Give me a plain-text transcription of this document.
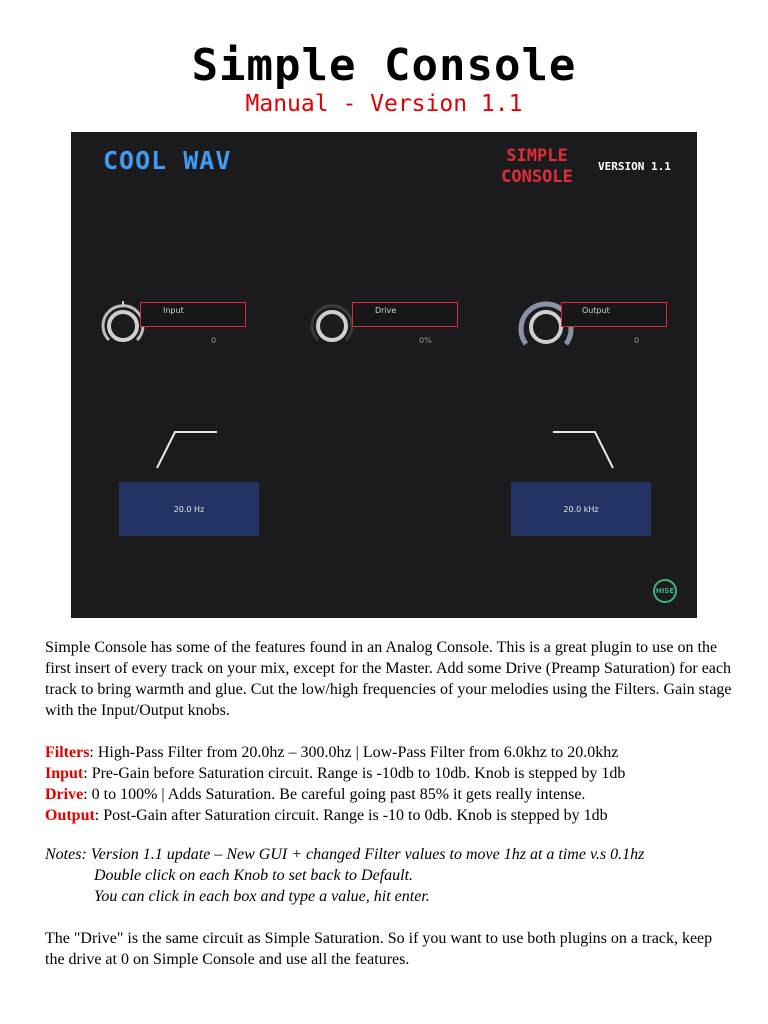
Simple Console
Manual - Version 1.1
COOL WAV	SIMPLE
CONSOLE
VERSION 1.1
Input
0
Drive
0%
Output
0
20.0 Hz	20.0 kHz
HISE

Simple Console has some of the features found in an Analog Console. This is a great plugin to use on the first insert of every track on your mix, except for the Master. Add some Drive (Preamp Saturation) for each track to bring warmth and glue. Cut the low/high frequencies of your melodies using the Filters. Gain stage with the Input/Output knobs.

Filters: High-Pass Filter from 20.0hz – 300.0hz | Low-Pass Filter from 6.0khz to 20.0khz

Input: Pre-Gain before Saturation circuit. Range is -10db to 10db. Knob is stepped by 1db

Drive: 0 to 100% | Adds Saturation. Be careful going past 85% it gets really intense.

Output: Post-Gain after Saturation circuit. Range is -10 to 0db. Knob is stepped by 1db

Notes: Version 1.1 update – New GUI + changed Filter values to move 1hz at a time v.s 0.1hz

Double click on each Knob to set back to Default.

You can click in each box and type a value, hit enter.

The "Drive" is the same circuit as Simple Saturation. So if you want to use both plugins on a track, keep the drive at 0 on Simple Console and use all the features.
